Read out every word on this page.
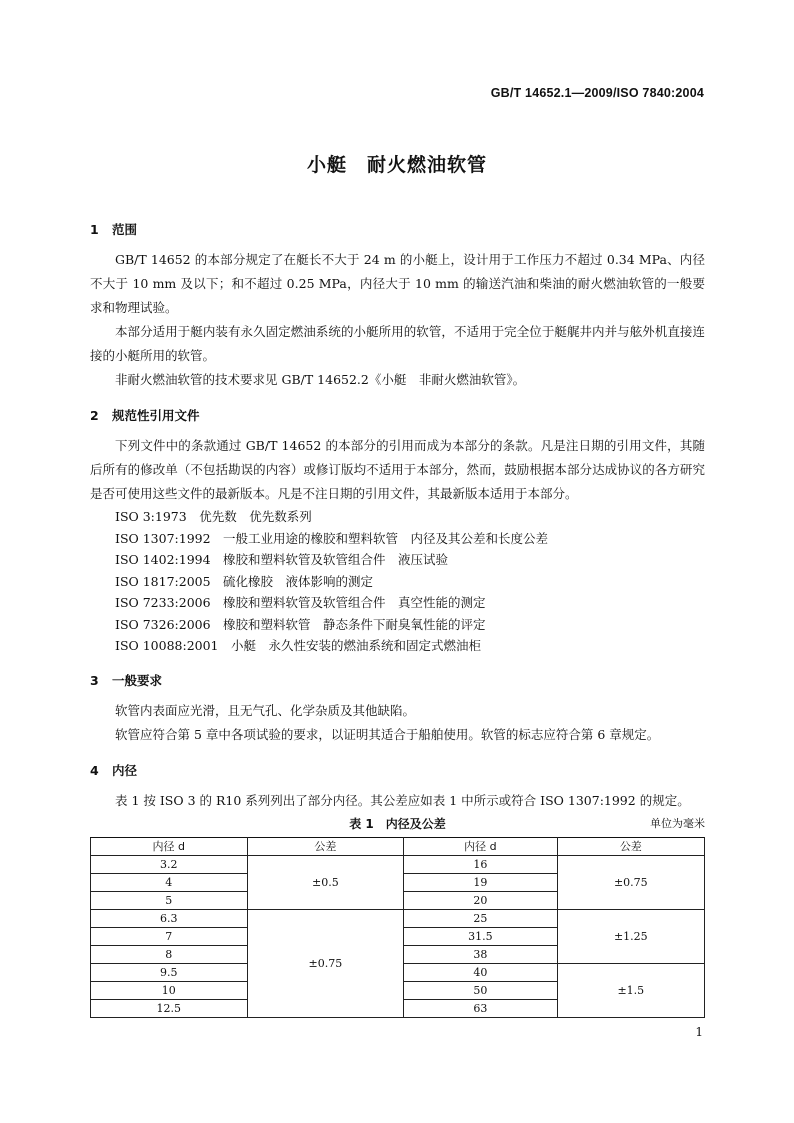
GB/T 14652.1—2009/ISO 7840:2004
小艇　耐火燃油软管
1 范围

GB/T 14652 的本部分规定了在艇长不大于 24 m 的小艇上，设计用于工作压力不超过 0.34 MPa、内径不大于 10 mm 及以下；和不超过 0.25 MPa，内径大于 10 mm 的输送汽油和柴油的耐火燃油软管的一般要求和物理试验。

本部分适用于艇内装有永久固定燃油系统的小艇所用的软管，不适用于完全位于艇艉井内并与舷外机直接连接的小艇所用的软管。

非耐火燃油软管的技术要求见 GB/T 14652.2《小艇　非耐火燃油软管》。

2 规范性引用文件

下列文件中的条款通过 GB/T 14652 的本部分的引用而成为本部分的条款。凡是注日期的引用文件，其随后所有的修改单（不包括勘误的内容）或修订版均不适用于本部分，然而，鼓励根据本部分达成协议的各方研究是否可使用这些文件的最新版本。凡是不注日期的引用文件，其最新版本适用于本部分。

ISO 3:1973　优先数　优先数系列
ISO 1307:1992　一般工业用途的橡胶和塑料软管　内径及其公差和长度公差
ISO 1402:1994　橡胶和塑料软管及软管组合件　液压试验
ISO 1817:2005　硫化橡胶　液体影响的测定
ISO 7233:2006　橡胶和塑料软管及软管组合件　真空性能的测定
ISO 7326:2006　橡胶和塑料软管　静态条件下耐臭氧性能的评定
ISO 10088:2001　小艇　永久性安装的燃油系统和固定式燃油柜
3 一般要求

软管内表面应光滑，且无气孔、化学杂质及其他缺陷。

软管应符合第 5 章中各项试验的要求，以证明其适合于船舶使用。软管的标志应符合第 6 章规定。

4 内径

表 1 按 ISO 3 的 R10 系列列出了部分内径。其公差应如表 1 中所示或符合 ISO 1307:1992 的规定。

表 1　内径及公差	单位为毫米
内径 d	公差	内径 d	公差
3.2	±0.5	16	±0.75
4		19	
5		20	
6.3	±0.75	25	±1.25
7		31.5	
8		38	
9.5		40	±1.5
10		50	
12.5		63	
1
